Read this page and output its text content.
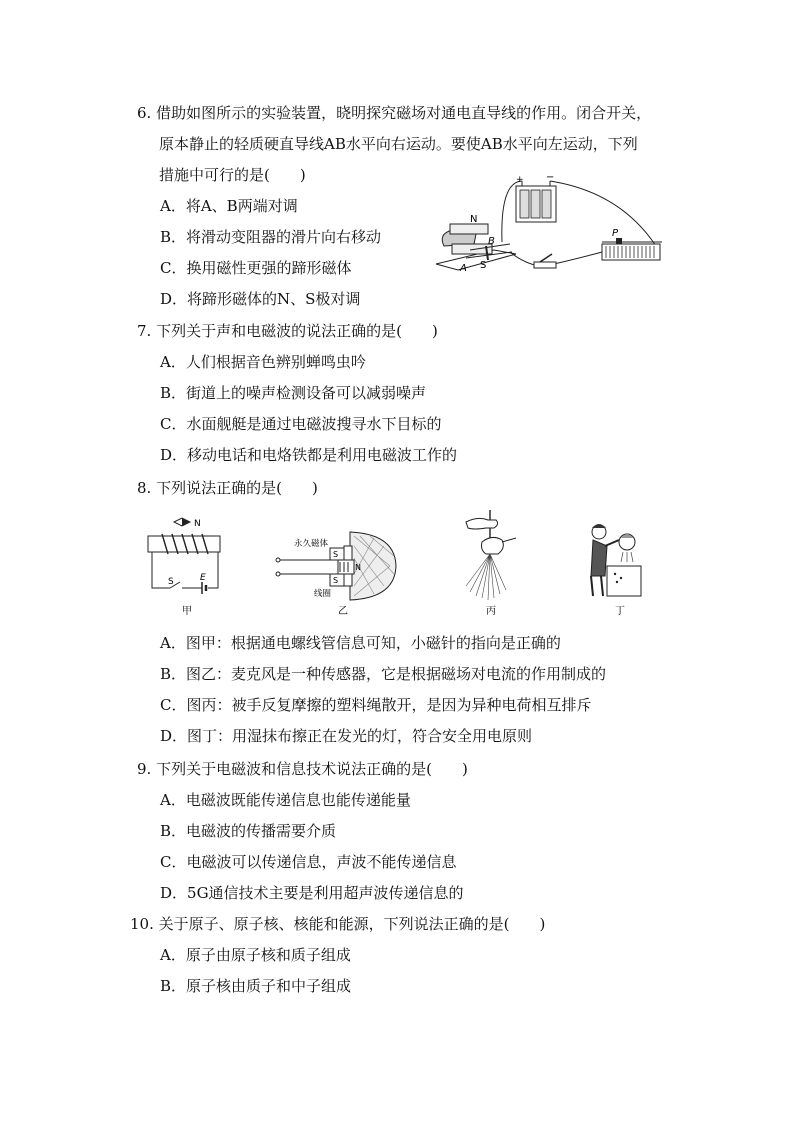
6. 借助如图所示的实验装置，晓明探究磁场对通电直导线的作用。闭合开关，
原本静止的轻质硬直导线AB水平向右运动。要使AB水平向左运动，下列
措施中可行的是(　　)
A．将A、B两端对调
B．将滑动变阻器的滑片向右移动
C．换用磁性更强的蹄形磁体
D．将蹄形磁体的N、S极对调
+ −
N
B
A S
P
7. 下列关于声和电磁波的说法正确的是(　　)
A．人们根据音色辨别蝉鸣虫吟
B．街道上的噪声检测设备可以减弱噪声
C．水面舰艇是通过电磁波搜寻水下目标的
D．移动电话和电烙铁都是利用电磁波工作的
8. 下列说法正确的是(　　)
N
S	E
甲
永久磁体
线圈
S
N
S
乙	丙	丁
A．图甲：根据通电螺线管信息可知，小磁针的指向是正确的
B．图乙：麦克风是一种传感器，它是根据磁场对电流的作用制成的
C．图丙：被手反复摩擦的塑料绳散开，是因为异种电荷相互排斥
D．图丁：用湿抹布擦正在发光的灯，符合安全用电原则
9. 下列关于电磁波和信息技术说法正确的是(　　)
A．电磁波既能传递信息也能传递能量
B．电磁波的传播需要介质
C．电磁波可以传递信息，声波不能传递信息
D．5G通信技术主要是利用超声波传递信息的
10. 关于原子、原子核、核能和能源，下列说法正确的是(　　)
A．原子由原子核和质子组成
B．原子核由质子和中子组成
